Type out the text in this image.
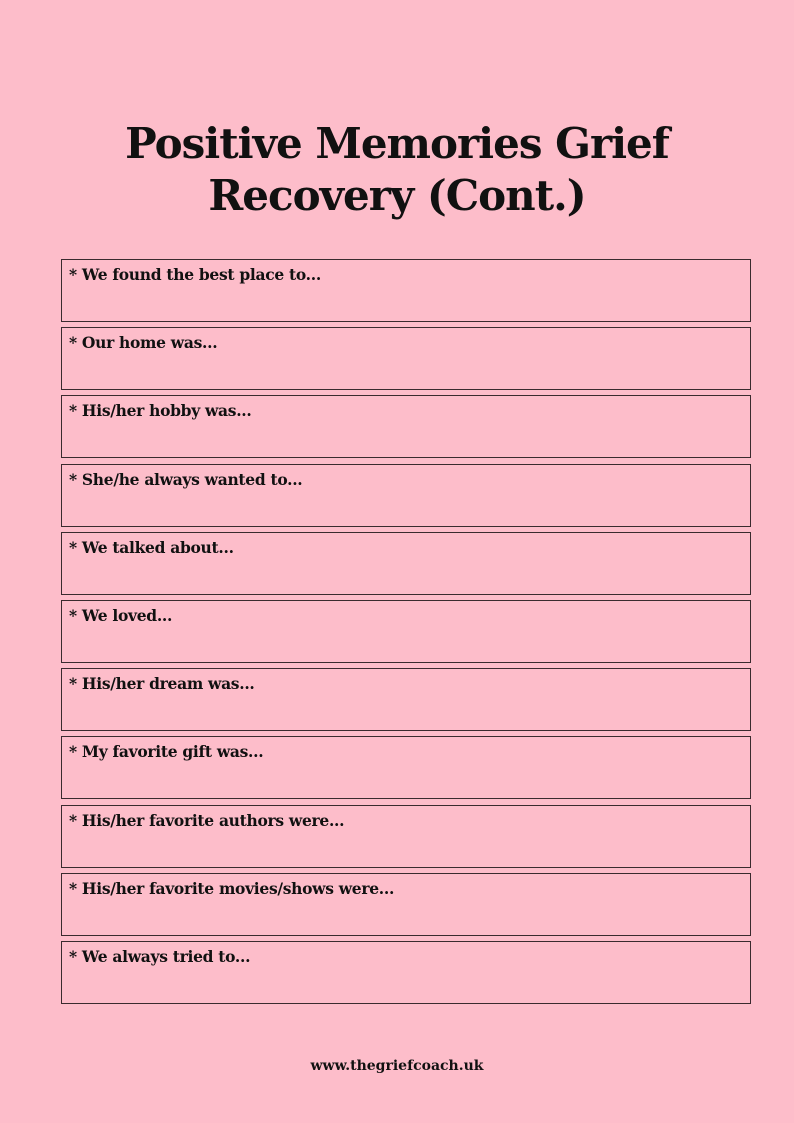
Positive Memories Grief
Recovery (Cont.)
* We found the best place to...
* Our home was...
* His/her hobby was...
* She/he always wanted to...
* We talked about...
* We loved...
* His/her dream was...
* My favorite gift was...
* His/her favorite authors were...
* His/her favorite movies/shows were...
* We always tried to...
www.thegriefcoach.uk
